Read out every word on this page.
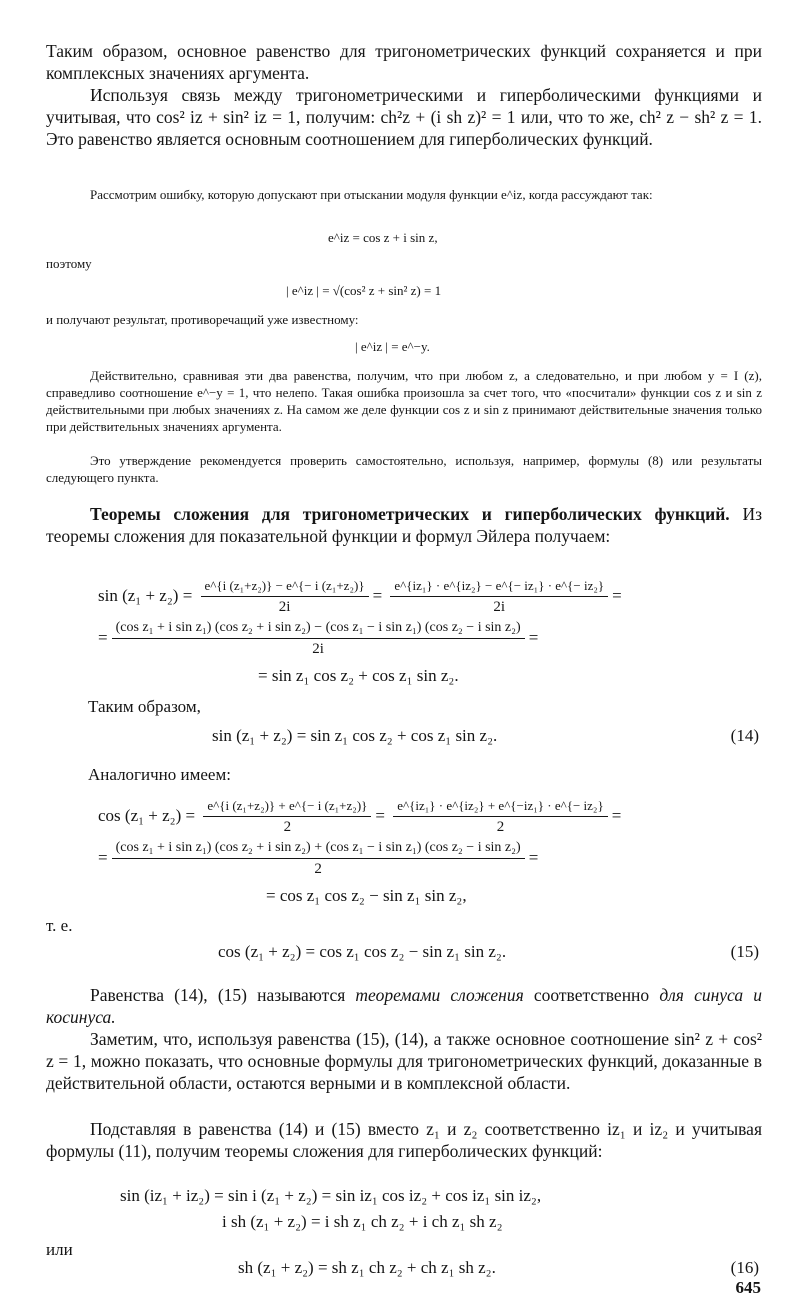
Таким образом, основное равенство для тригонометрических функций сохраняется и при комплексных значениях аргумента.

Используя связь между тригонометрическими и гиперболическими функциями и учитывая, что cos² iz + sin² iz = 1, получим: ch²z + (i sh z)² = 1 или, что то же, ch² z − sh² z = 1. Это равенство является основным соотношением для гиперболических функций.

Рассмотрим ошибку, которую допускают при отыскании модуля функции e^iz, когда рассуждают так:

e^iz = cos z + i sin z,
поэтому
| e^iz | = √(cos² z + sin² z) = 1
и получают результат, противоречащий уже известному:
| e^iz | = e^−y.

Действительно, сравнивая эти два равенства, получим, что при любом z, а следовательно, и при любом y = I (z), справедливо соотношение e^−y = 1, что нелепо. Такая ошибка произошла за счет того, что «посчитали» функции cos z и sin z действительными при любых значениях z. На самом же деле функции cos z и sin z принимают действительные значения только при действительных значениях аргумента.

Это утверждение рекомендуется проверить самостоятельно, используя, например, формулы (8) или результаты следующего пункта.

Теоремы сложения для тригонометрических и гиперболических функций. Из теоремы сложения для показательной функции и формул Эйлера получаем:

$\sin (z_1 + z_2) = \frac{\text{e\textasciicircum{}\{i (z₁+z₂)\} − e\textasciicircum{}\{− i (z₁+z₂)\}}}{2i} = \frac{\text{e\textasciicircum{}\{iz₁\} · e\textasciicircum{}\{iz₂\} − e\textasciicircum{}\{− iz₁\} · e\textasciicircum{}\{− iz₂\}}}{2i}$ =
=
(cos z₁ + i sin z₁) (cos z₂ + i sin z₂) − (cos z₁ − i sin z₁) (cos z₂ − i sin z₂)
2i
=
= sin z₁ cos z₂ + cos z₁ sin z₂.
Таким образом,
sin (z₁ + z₂) = sin z₁ cos z₂ + cos z₁ sin z₂.	(14)
Аналогично имеем:
$\cos (z_1 + z_2) = \frac{\text{e\textasciicircum{}\{i (z₁+z₂)\} + e\textasciicircum{}\{− i (z₁+z₂)\}}}{2} = \frac{\text{e\textasciicircum{}\{iz₁\} · e\textasciicircum{}\{iz₂\} + e\textasciicircum{}\{−iz₁\} · e\textasciicircum{}\{− iz₂\}}}{2}$ =
=
(cos z₁ + i sin z₁) (cos z₂ + i sin z₂) + (cos z₁ − i sin z₁) (cos z₂ − i sin z₂)
2
=
= cos z₁ cos z₂ − sin z₁ sin z₂,
т. е.
cos (z₁ + z₂) = cos z₁ cos z₂ − sin z₁ sin z₂.	(15)

Равенства (14), (15) называются теоремами сложения соответственно для синуса и косинуса.

Заметим, что, используя равенства (15), (14), а также основное соотношение sin² z + cos² z = 1, можно показать, что основные формулы для тригонометрических функций, доказанные в действительной области, остаются верными и в комплексной области.

Подставляя в равенства (14) и (15) вместо z₁ и z₂ соответственно iz₁ и iz₂ и учитывая формулы (11), получим теоремы сложения для гиперболических функций:

sin (iz₁ + iz₂) = sin i (z₁ + z₂) = sin iz₁ cos iz₂ + cos iz₁ sin iz₂,
i sh (z₁ + z₂) = i sh z₁ ch z₂ + i ch z₁ sh z₂
или
sh (z₁ + z₂) = sh z₁ ch z₂ + ch z₁ sh z₂.	(16)
645
